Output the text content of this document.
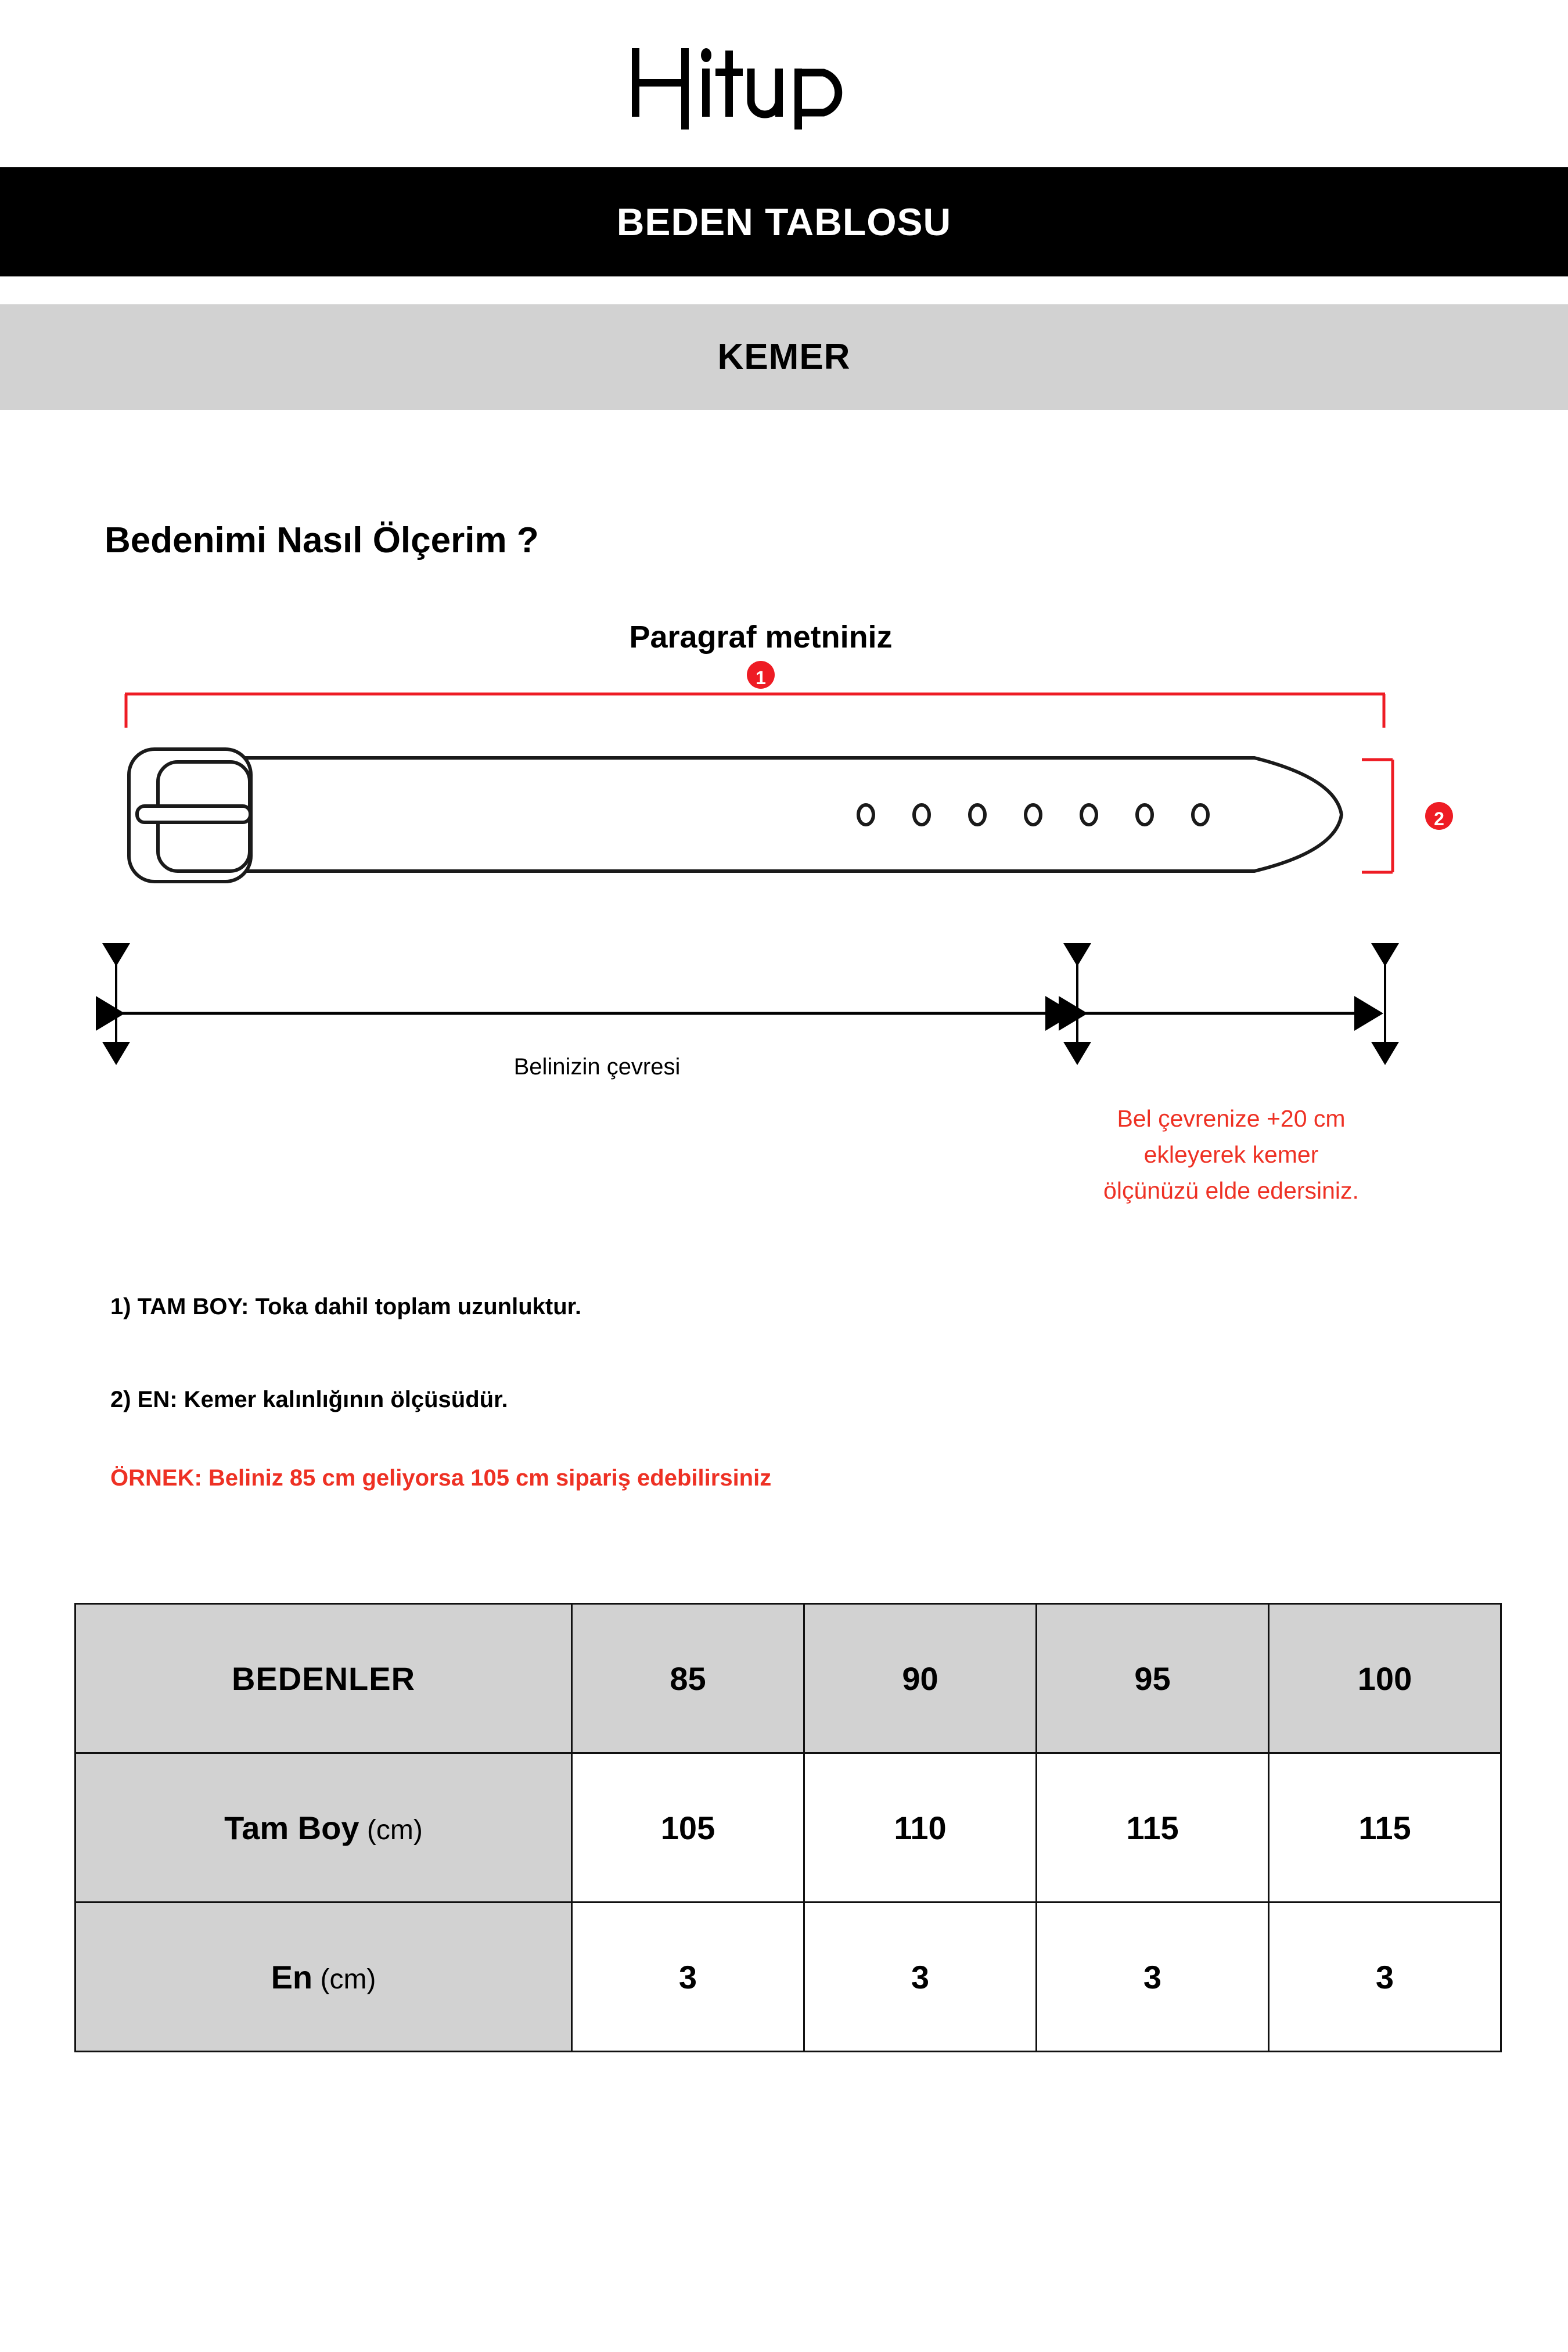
BEDEN TABLOSU
KEMER
Bedenimi Nasıl Ölçerim ?
Paragraf metniniz
1
2
Belinizin çevresi
Bel çevrenize +20 cm
ekleyerek kemer
ölçünüzü elde edersiniz.
1) TAM BOY: Toka dahil toplam uzunluktur.
2) EN: Kemer kalınlığının ölçüsüdür.
ÖRNEK: Beliniz 85 cm geliyorsa 105 cm sipariş edebilirsiniz
BEDENLER	85	90	95	100
Tam Boy (cm)	105	110	115	115
En (cm)	3	3	3	3
